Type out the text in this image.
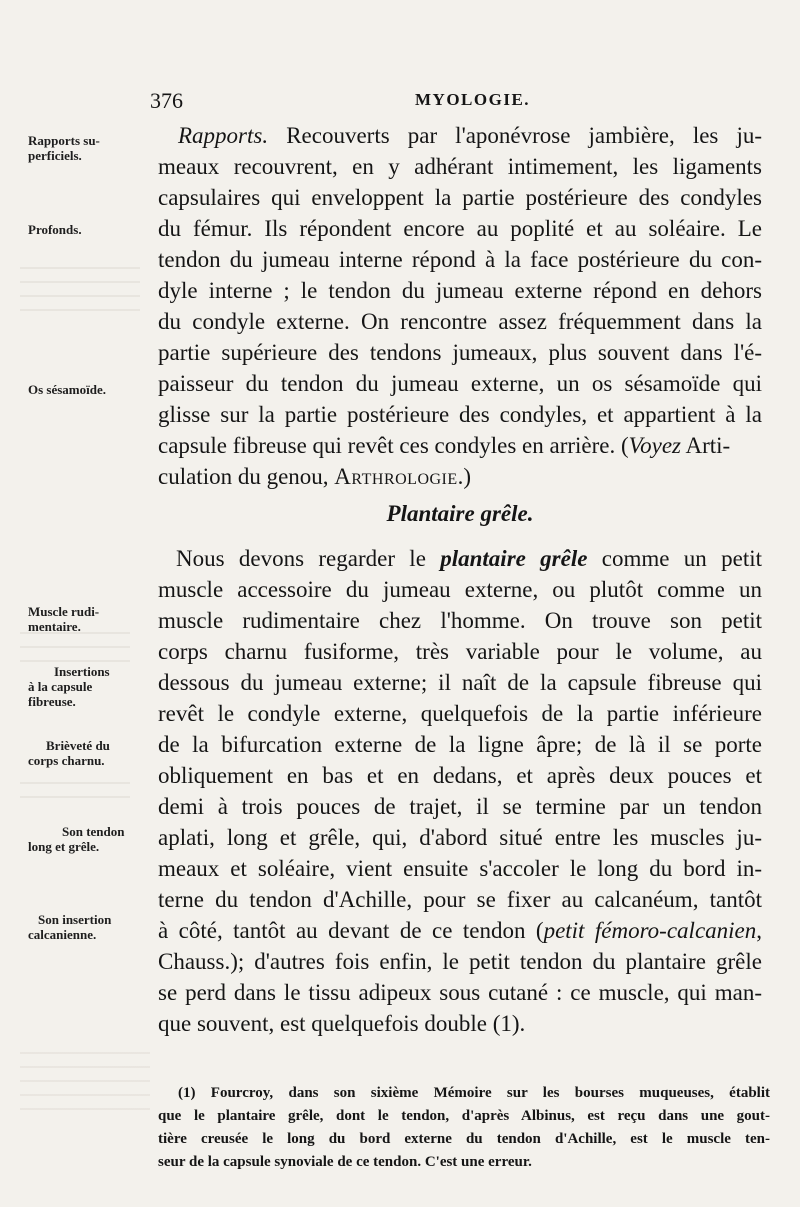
376	MYOLOGIE.
Rapports su-
perficiels.
Profonds.
Os sésamoïde.
Muscle rudi-
mentaire.
Insertions
à la capsule
fibreuse.
Brièveté du
corps charnu.
Son tendon
long et grêle.
Son insertion
calcanienne.
Rapports. Recouverts par l'aponévrose jambière, les ju-
meaux recouvrent, en y adhérant intimement, les ligaments
capsulaires qui enveloppent la partie postérieure des condyles
du fémur. Ils répondent encore au poplité et au soléaire. Le
tendon du jumeau interne répond à la face postérieure du con-
dyle interne ; le tendon du jumeau externe répond en dehors
du condyle externe. On rencontre assez fréquemment dans la
partie supérieure des tendons jumeaux, plus souvent dans l'é-
paisseur du tendon du jumeau externe, un os sésamoïde qui
glisse sur la partie postérieure des condyles, et appartient à la
capsule fibreuse qui revêt ces condyles en arrière. (Voyez Arti-
culation du genou, Arthrologie.)
Plantaire grêle.
Nous devons regarder le plantaire grêle comme un petit
muscle accessoire du jumeau externe, ou plutôt comme un
muscle rudimentaire chez l'homme. On trouve son petit
corps charnu fusiforme, très variable pour le volume, au
dessous du jumeau externe; il naît de la capsule fibreuse qui
revêt le condyle externe, quelquefois de la partie inférieure
de la bifurcation externe de la ligne âpre; de là il se porte
obliquement en bas et en dedans, et après deux pouces et
demi à trois pouces de trajet, il se termine par un tendon
aplati, long et grêle, qui, d'abord situé entre les muscles ju-
meaux et soléaire, vient ensuite s'accoler le long du bord in-
terne du tendon d'Achille, pour se fixer au calcanéum, tantôt
à côté, tantôt au devant de ce tendon (petit fémoro-calcanien,
Chauss.); d'autres fois enfin, le petit tendon du plantaire grêle
se perd dans le tissu adipeux sous cutané : ce muscle, qui man-
que souvent, est quelquefois double (1).
(1) Fourcroy, dans son sixième Mémoire sur les bourses muqueuses, établit
que le plantaire grêle, dont le tendon, d'après Albinus, est reçu dans une gout-
tière creusée le long du bord externe du tendon d'Achille, est le muscle ten-
seur de la capsule synoviale de ce tendon. C'est une erreur.
